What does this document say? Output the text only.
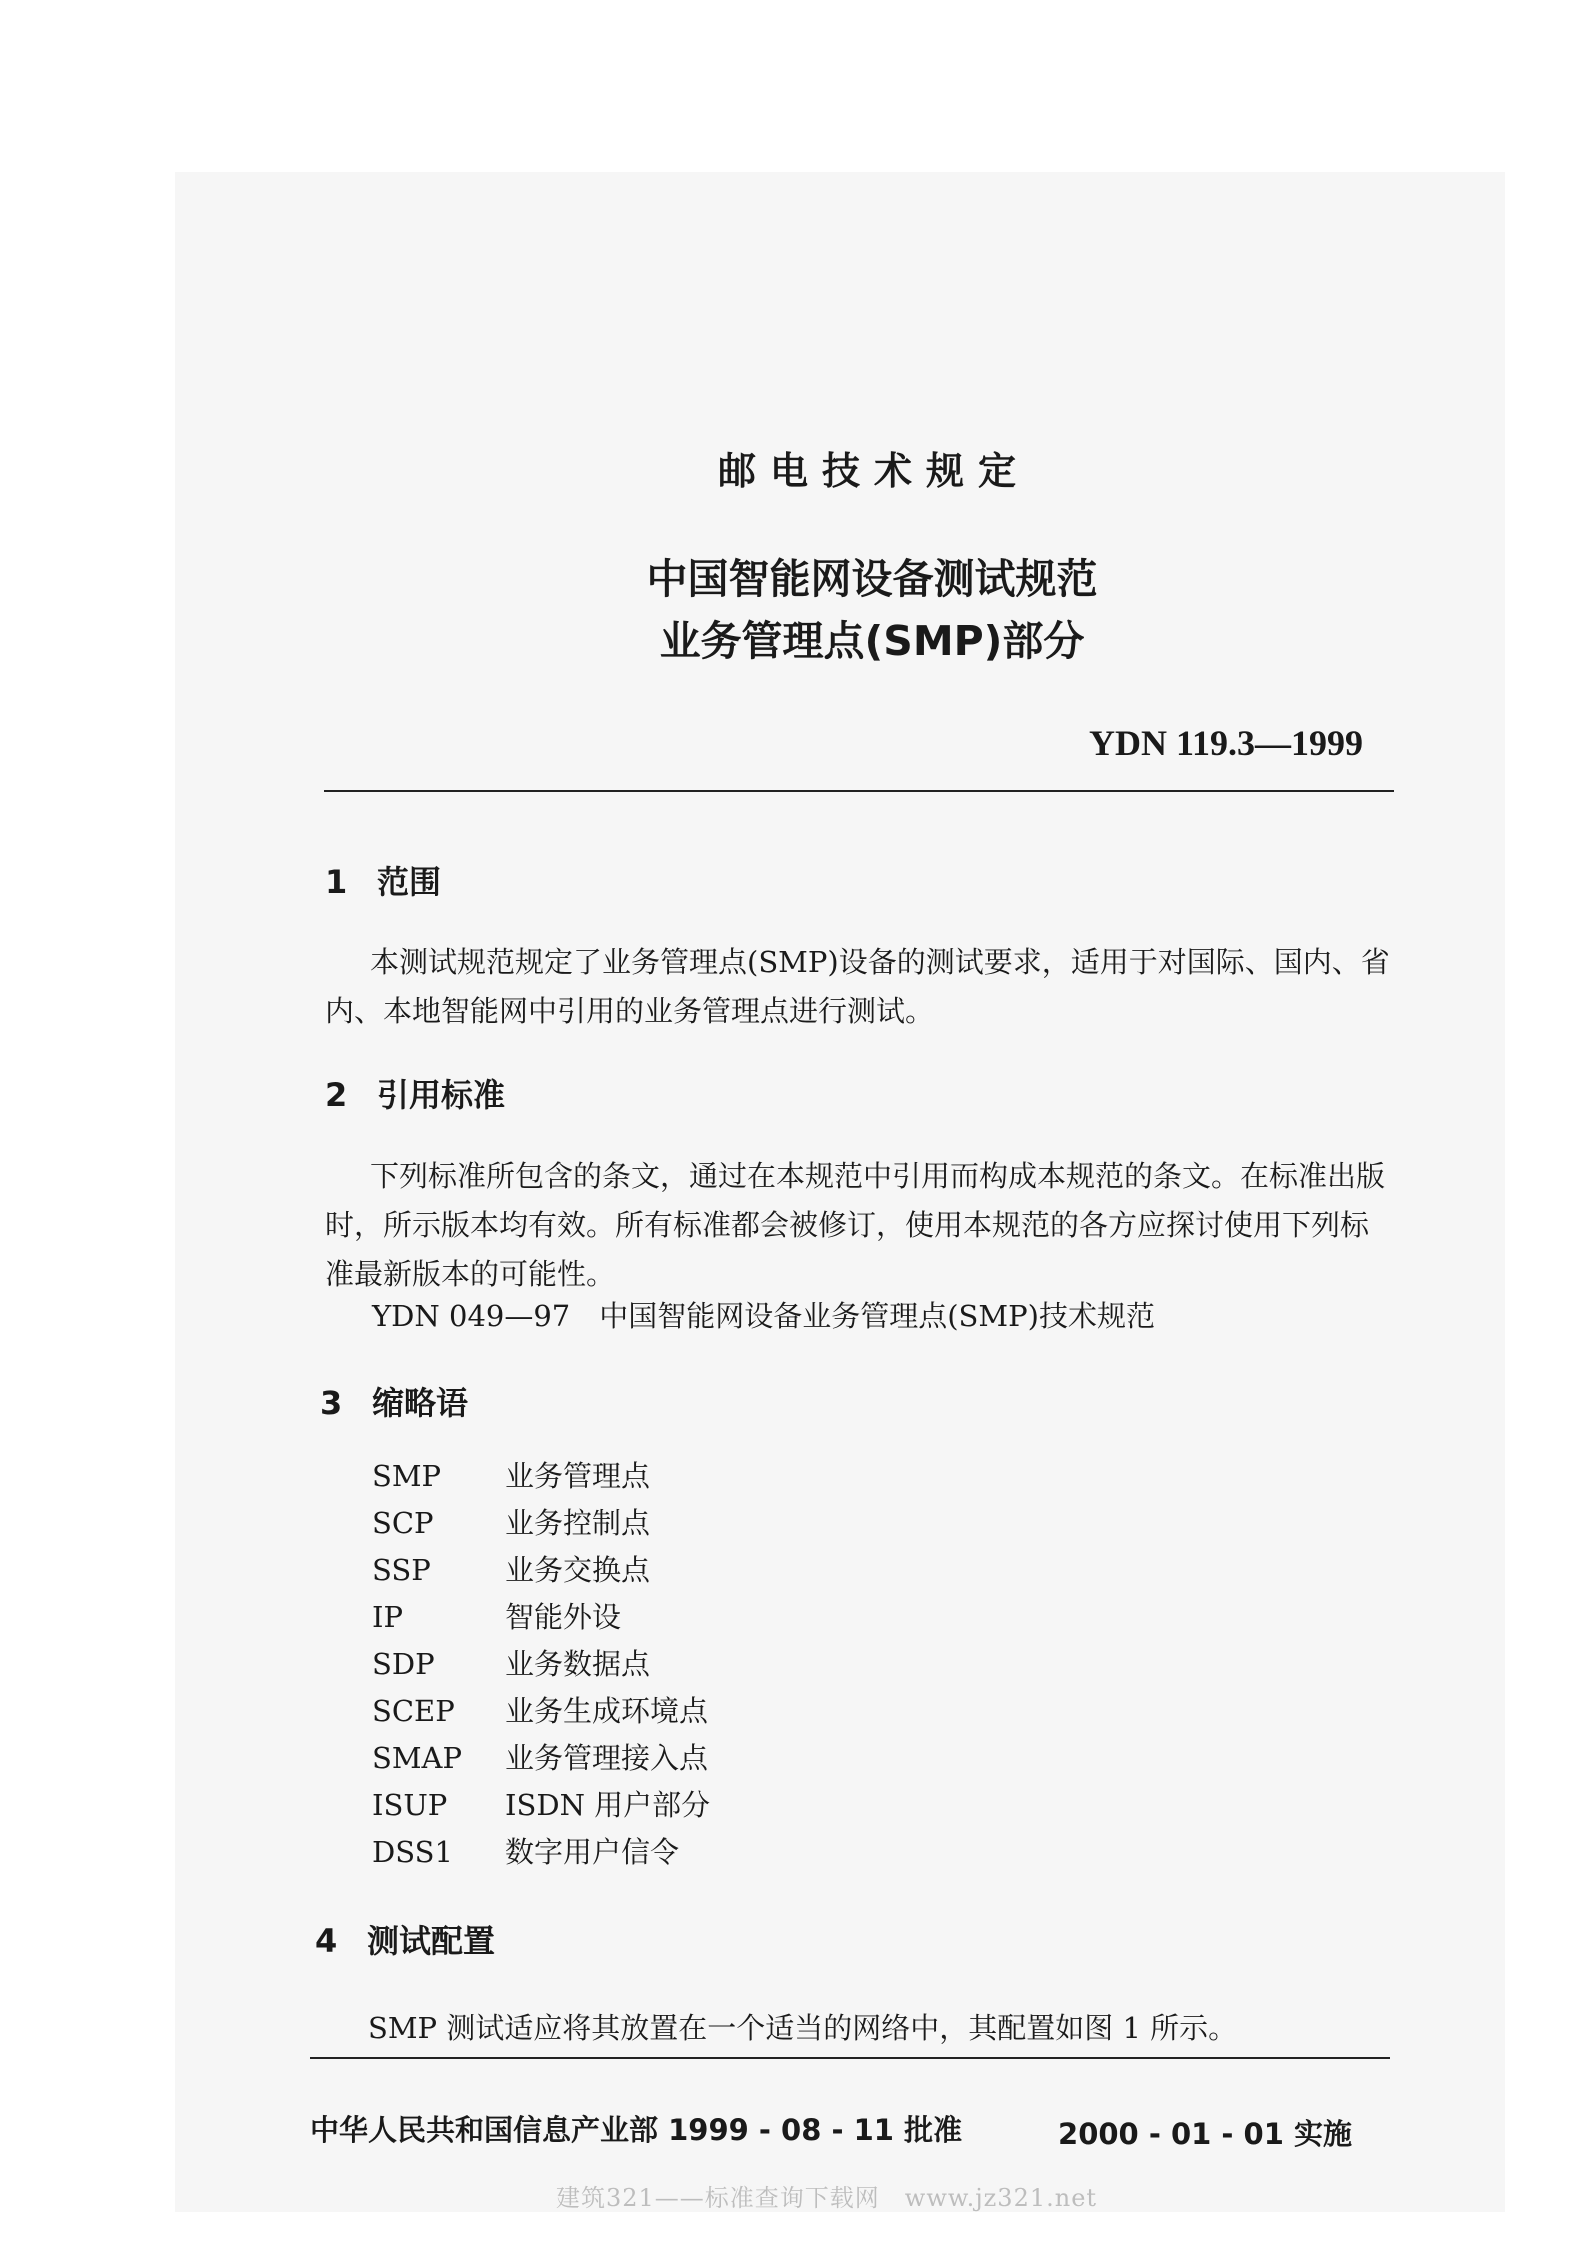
邮电技术规定
中国智能网设备测试规范
业务管理点(SMP)部分
YDN 119.3—1999
1 范围
本测试规范规定了业务管理点(SMP)设备的测试要求，适用于对国际、国内、省内、本地智能网中引用的业务管理点进行测试。
2 引用标准
下列标准所包含的条文，通过在本规范中引用而构成本规范的条文。在标准出版时，所示版本均有效。所有标准都会被修订，使用本规范的各方应探讨使用下列标准最新版本的可能性。
YDN 049—97　中国智能网设备业务管理点(SMP)技术规范
3 缩略语
SMP 业务管理点
SCP 业务控制点
SSP	业务交换点
IP	智能外设
SDP 业务数据点
SCEP 业务生成环境点
SMAP 业务管理接入点
ISUP ISDN 用户部分
DSS1 数字用户信令
4 测试配置
SMP 测试适应将其放置在一个适当的网络中，其配置如图 1 所示。
中华人民共和国信息产业部 1999 - 08 - 11 批准	2000 - 01 - 01 实施
建筑321——标准查询下载网　www.jz321.net
